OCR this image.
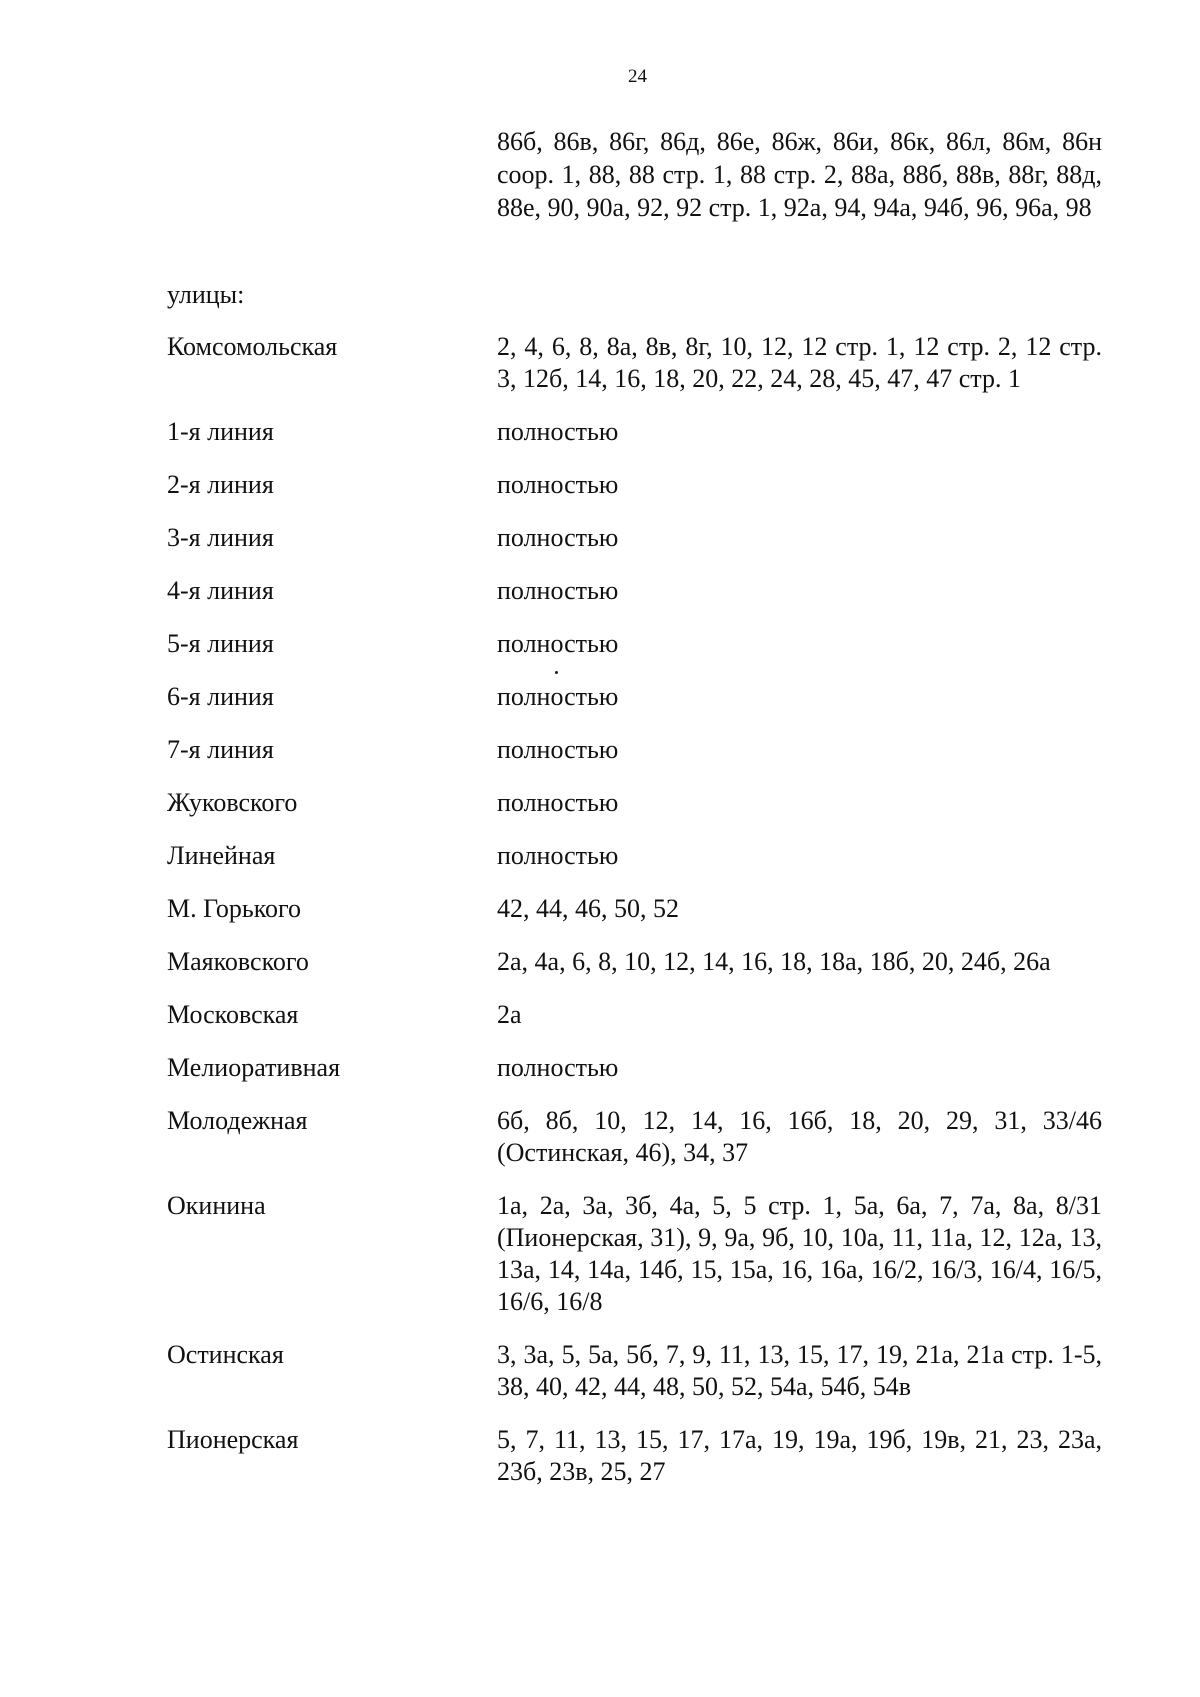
24
86б, 86в, 86г, 86д, 86е, 86ж, 86и, 86к, 86л, 86м, 86н соор. 1, 88, 88 стр. 1, 88 стр. 2, 88а, 88б, 88в, 88г, 88д, 88е, 90, 90а, 92, 92 стр. 1, 92а, 94, 94а, 94б, 96, 96а, 98
улицы:
Комсомольская	2, 4, 6, 8, 8а, 8в, 8г, 10, 12, 12 стр. 1, 12 стр. 2, 12 стр. 3, 12б, 14, 16, 18, 20, 22, 24, 28, 45, 47, 47 стр. 1
1-я линия	полностью
2-я линия	полностью
3-я линия	полностью
4-я линия	полностью
5-я линия	полностью
6-я линия	полностью
7-я линия	полностью
Жуковского	полностью
Линейная	полностью
М. Горького	42, 44, 46, 50, 52
Маяковского	2а, 4а, 6, 8, 10, 12, 14, 16, 18, 18а, 18б, 20, 24б, 26а
Московская	2а
Мелиоративная	полностью
Молодежная	6б, 8б, 10, 12, 14, 16, 16б, 18, 20, 29, 31, 33/46 (Остинская, 46), 34, 37
Окинина	1а, 2а, 3а, 3б, 4а, 5, 5 стр. 1, 5а, 6а, 7, 7а, 8а, 8/31 (Пионерская, 31), 9, 9а, 9б, 10, 10а, 11, 11а, 12, 12а, 13, 13а, 14, 14а, 14б, 15, 15а, 16, 16а, 16/2, 16/3, 16/4, 16/5, 16/6, 16/8
Остинская	3, 3а, 5, 5а, 5б, 7, 9, 11, 13, 15, 17, 19, 21а, 21а стр. 1-5, 38, 40, 42, 44, 48, 50, 52, 54а, 54б, 54в
Пионерская	5, 7, 11, 13, 15, 17, 17а, 19, 19а, 19б, 19в, 21, 23, 23а, 23б, 23в, 25, 27
